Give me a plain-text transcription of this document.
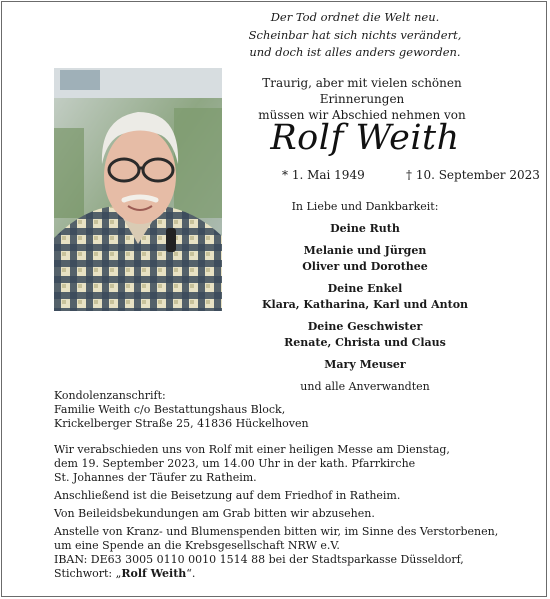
Der Tod ordnet die Welt neu.
Scheinbar hat sich nichts verändert,
und doch ist alles anders geworden.
Traurig, aber mit vielen schönen Erinnerungen
müssen wir Abschied nehmen von
Rolf Weith
* 1. Mai 1949	† 10. September 2023
In Liebe und Dankbarkeit:
Deine Ruth
Melanie und Jürgen
Oliver und Dorothee
Deine Enkel
Klara, Katharina, Karl und Anton
Deine Geschwister
Renate, Christa und Claus
Mary Meuser
und alle Anverwandten
Kondolenzanschrift:
Familie Weith c/o Bestattungshaus Block,
Krickelberger Straße 25, 41836 Hückelhoven
Wir verabschieden uns von Rolf mit einer heiligen Messe am Dienstag,
dem 19. September 2023, um 14.00 Uhr in der kath. Pfarrkirche
St. Johannes der Täufer zu Ratheim.
Anschließend ist die Beisetzung auf dem Friedhof in Ratheim.
Von Beileidsbekundungen am Grab bitten wir abzusehen.
Anstelle von Kranz- und Blumenspenden bitten wir, im Sinne des Verstorbenen,
um eine Spende an die Krebsgesellschaft NRW e.V.
IBAN: DE63 3005 0110 0010 1514 88 bei der Stadtsparkasse Düsseldorf,
Stichwort: „Rolf Weith“.
